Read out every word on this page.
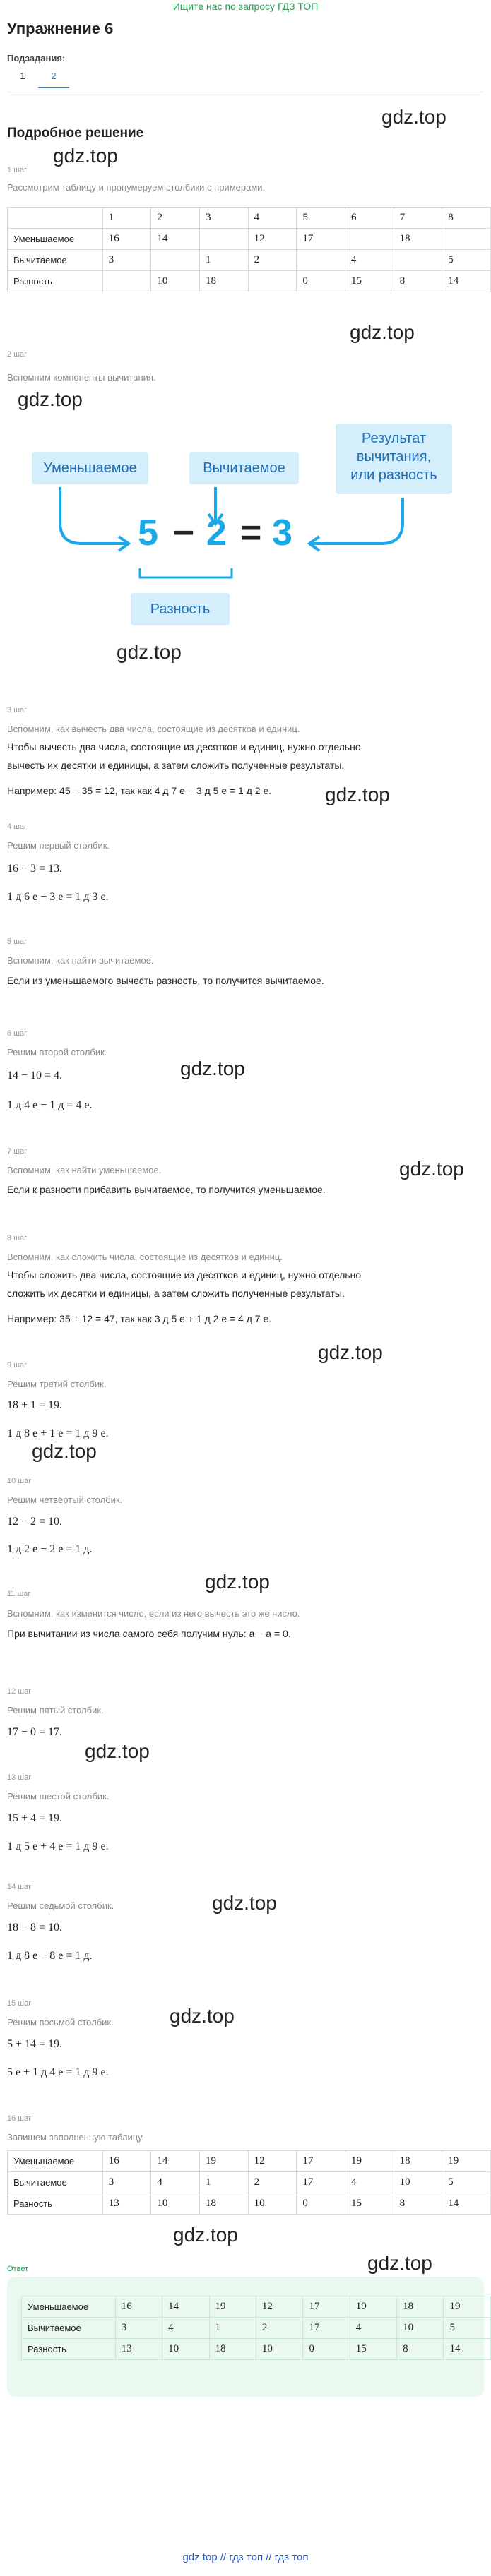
Ищите нас по запросу ГДЗ ТОП
Упражнение 6
Подзадания:
1	2
Подробное решение
gdz.top
1 шаг
gdz.top
Рассмотрим таблицу и пронумеруем столбики с примерами.
	1	2	3	4	5	6	7	8
Уменьшаемое	16	14		12	17		18	
Вычитаемое	3		1	2		4		5
Разность		10	18		0	15	8	14
gdz.top
2 шаг
Вспомним компоненты вычитания.
gdz.top
Уменьшаемое	Вычитаемое
Результат
вычитания,
или разность
5 − 2 = 3
Разность
gdz.top
3 шаг
Вспомним, как вычесть два числа, состоящие из десятков и единиц.
Чтобы вычесть два числа, состоящие из десятков и единиц, нужно отдельно
вычесть их десятки и единицы, а затем сложить полученные результаты.
Например: 45 − 35 = 12, так как 4 д 7 е − 3 д 5 е = 1 д 2 е.	gdz.top
4 шаг
Решим первый столбик.
16 − 3 = 13.
1 д 6 е − 3 е = 1 д 3 е.
5 шаг
Вспомним, как найти вычитаемое.
Если из уменьшаемого вычесть разность, то получится вычитаемое.
6 шаг
Решим второй столбик.
gdz.top
14 − 10 = 4.
1 д 4 е − 1 д = 4 е.
7 шаг
Вспомним, как найти уменьшаемое.	gdz.top
Если к разности прибавить вычитаемое, то получится уменьшаемое.
8 шаг
Вспомним, как сложить числа, состоящие из десятков и единиц.
Чтобы сложить два числа, состоящие из десятков и единиц, нужно отдельно
сложить их десятки и единицы, а затем сложить полученные результаты.
Например: 35 + 12 = 47, так как 3 д 5 е + 1 д 2 е = 4 д 7 е.
gdz.top
9 шаг
Решим третий столбик.
18 + 1 = 19.
1 д 8 е + 1 е = 1 д 9 е.
gdz.top
10 шаг
Решим четвёртый столбик.
12 − 2 = 10.
1 д 2 е − 2 е = 1 д.
gdz.top
11 шаг
Вспомним, как изменится число, если из него вычесть это же число.
При вычитании из числа самого себя получим нуль: a − a = 0.
12 шаг
Решим пятый столбик.
17 − 0 = 17.
gdz.top
13 шаг
Решим шестой столбик.
15 + 4 = 19.
1 д 5 е + 4 е = 1 д 9 е.
14 шаг
Решим седьмой столбик.	gdz.top
18 − 8 = 10.
1 д 8 е − 8 е = 1 д.
gdz.top
15 шаг
Решим восьмой столбик.
5 + 14 = 19.
5 е + 1 д 4 е = 1 д 9 е.
16 шаг
Запишем заполненную таблицу.
Уменьшаемое	16	14	19	12	17	19	18	19
Вычитаемое	3	4	1	2	17	4	10	5
Разность	13	10	18	10	0	15	8	14
gdz.top
Ответ	gdz.top
Уменьшаемое	16	14	19	12	17	19	18	19
Вычитаемое	3	4	1	2	17	4	10	5
Разность	13	10	18	10	0	15	8	14
gdz top // гдз топ // гдз топ
